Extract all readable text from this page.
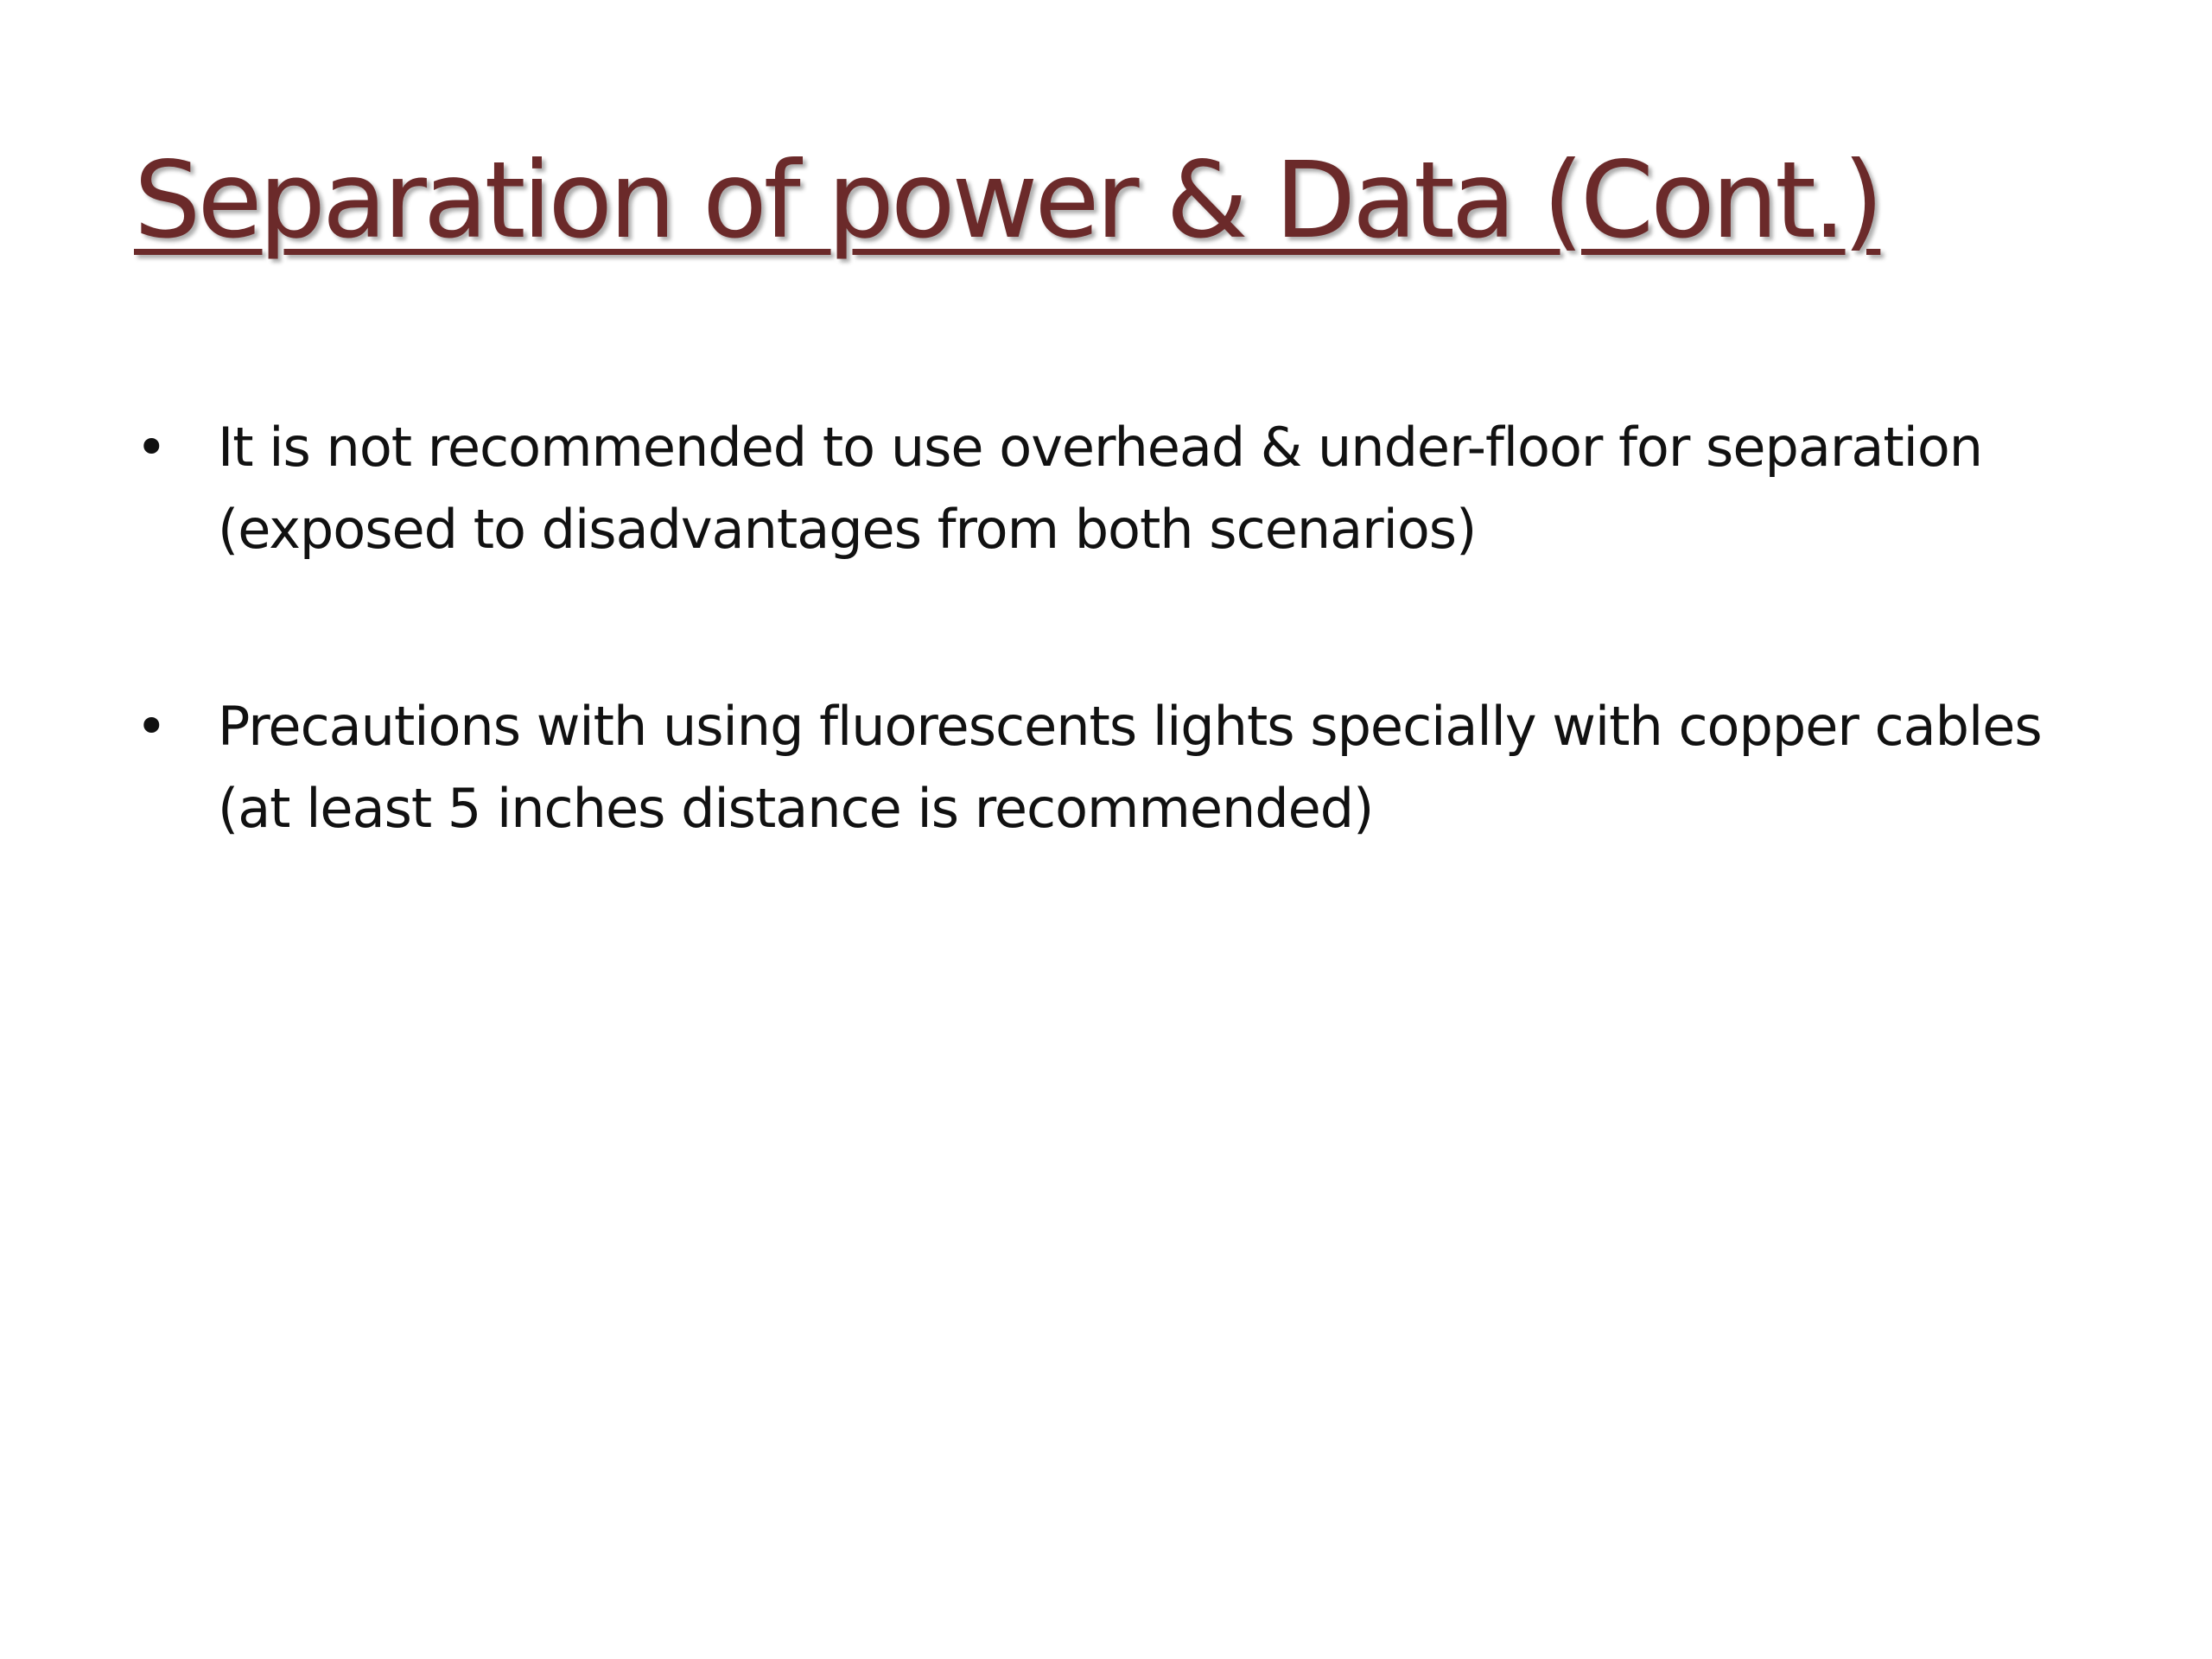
Separation of power & Data (Cont.)
• It is not recommended to use overhead & under-floor for separation (exposed to disadvantages from both scenarios)
• Precautions with using fluorescents lights specially with copper cables (at least 5 inches distance is recommended)
